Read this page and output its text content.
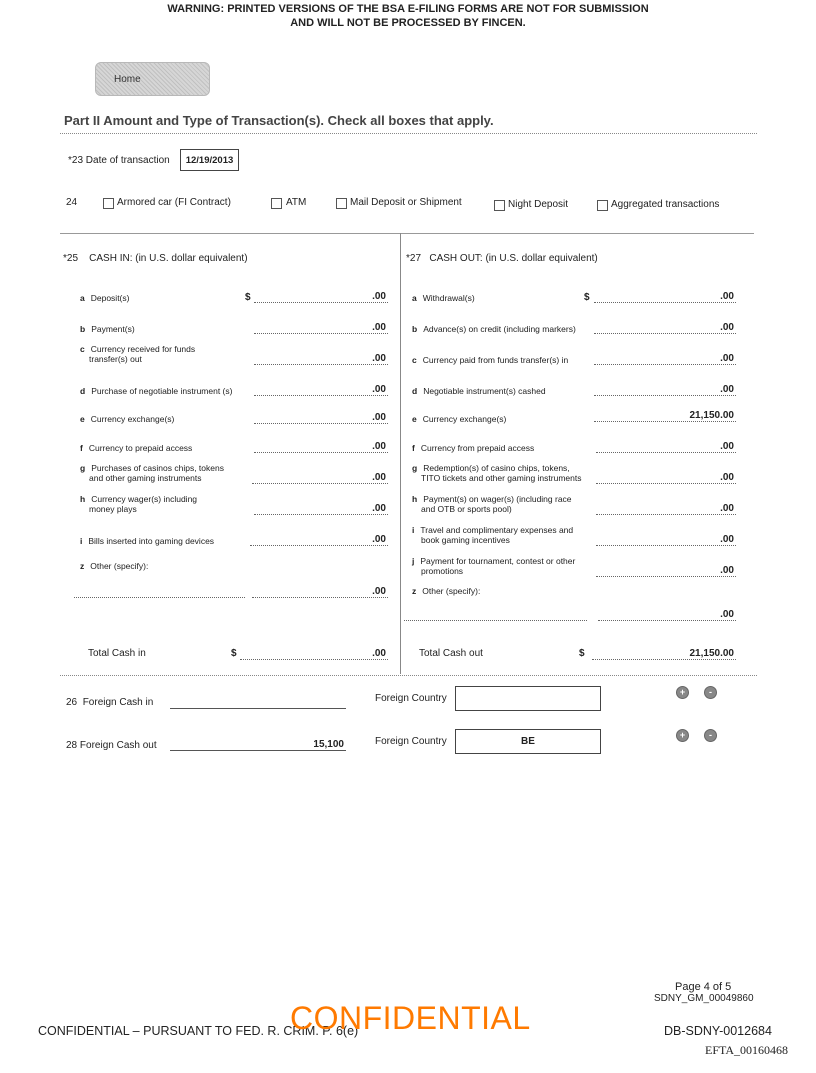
WARNING: PRINTED VERSIONS OF THE BSA E-FILING FORMS ARE NOT FOR SUBMISSION
AND WILL NOT BE PROCESSED BY FINCEN.
Home
Part II Amount and Type of Transaction(s). Check all boxes that apply.
*23 Date of transaction	12/19/2013
24	Armored car (FI Contract)	ATM	Mail Deposit or Shipment	Night Deposit	Aggregated transactions
*25 CASH IN: (in U.S. dollar equivalent)	*27 CASH OUT: (in U.S. dollar equivalent)
a Deposit(s)	$	.00
b Payment(s)	.00
c Currency received for funds
transfer(s) out	.00
d Purchase of negotiable instrument (s)	.00
e Currency exchange(s)	.00
f Currency to prepaid access	.00
g Purchases of casinos chips, tokens
and other gaming instruments	.00
h Currency wager(s) including
money plays	.00
i Bills inserted into gaming devices	.00
z Other (specify):
.00
Total Cash in	$	.00
a Withdrawal(s)	$	.00
b Advance(s) on credit (including markers)	.00
c Currency paid from funds transfer(s) in	.00
d Negotiable instrument(s) cashed	.00
e Currency exchange(s)	21,150.00
f Currency from prepaid access	.00
g Redemption(s) of casino chips, tokens,
TITO tickets and other gaming instruments	.00
h Payment(s) on wager(s) (including race
and OTB or sports pool)	.00
i Travel and complimentary expenses and
book gaming incentives	.00
j Payment for tournament, contest or other
promotions	.00
z Other (specify):
.00
Total Cash out	$	21,150.00
26 Foreign Cash in	Foreign Country
+	-
28 Foreign Cash out	15,100	Foreign Country	BE
+	-
Page 4 of 5
SDNY_GM_00049860
CONFIDENTIAL – PURSUANT TO FED. R. CRIM. P. 6(e)
CONFIDENTIAL	DB-SDNY-0012684
EFTA_00160468
